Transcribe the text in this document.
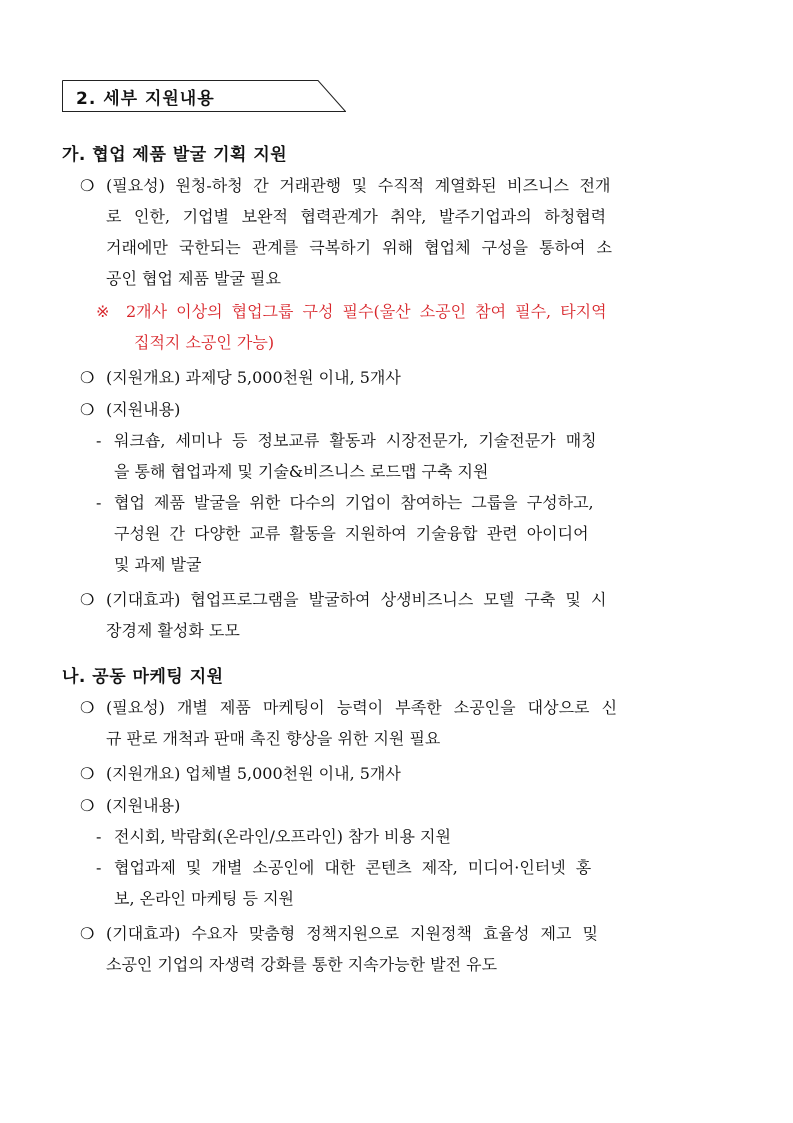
2. 세부 지원내용
가. 협업 제품 발굴 기획 지원
❍ (필요성) 원청-하청 간 거래관행 및 수직적 계열화된 비즈니스 전개
로 인한, 기업별 보완적 협력관계가 취약, 발주기업과의 하청협력
거래에만 국한되는 관계를 극복하기 위해 협업체 구성을 통하여 소
공인 협업 제품 발굴 필요
※ 2개사 이상의 협업그룹 구성 필수(울산 소공인 참여 필수, 타지역
집적지 소공인 가능)
❍ (지원개요) 과제당 5,000천원 이내, 5개사
❍ (지원내용)
- 워크숍, 세미나 등 정보교류 활동과 시장전문가, 기술전문가 매칭
을 통해 협업과제 및 기술&비즈니스 로드맵 구축 지원
- 협업 제품 발굴을 위한 다수의 기업이 참여하는 그룹을 구성하고,
구성원 간 다양한 교류 활동을 지원하여 기술융합 관련 아이디어
및 과제 발굴
❍ (기대효과) 협업프로그램을 발굴하여 상생비즈니스 모델 구축 및 시
장경제 활성화 도모
나. 공동 마케팅 지원
❍ (필요성) 개별 제품 마케팅이 능력이 부족한 소공인을 대상으로 신
규 판로 개척과 판매 촉진 향상을 위한 지원 필요
❍ (지원개요) 업체별 5,000천원 이내, 5개사
❍ (지원내용)
- 전시회, 박람회(온라인/오프라인) 참가 비용 지원
- 협업과제 및 개별 소공인에 대한 콘텐츠 제작, 미디어·인터넷 홍
보, 온라인 마케팅 등 지원
❍ (기대효과) 수요자 맞춤형 정책지원으로 지원정책 효율성 제고 및
소공인 기업의 자생력 강화를 통한 지속가능한 발전 유도
